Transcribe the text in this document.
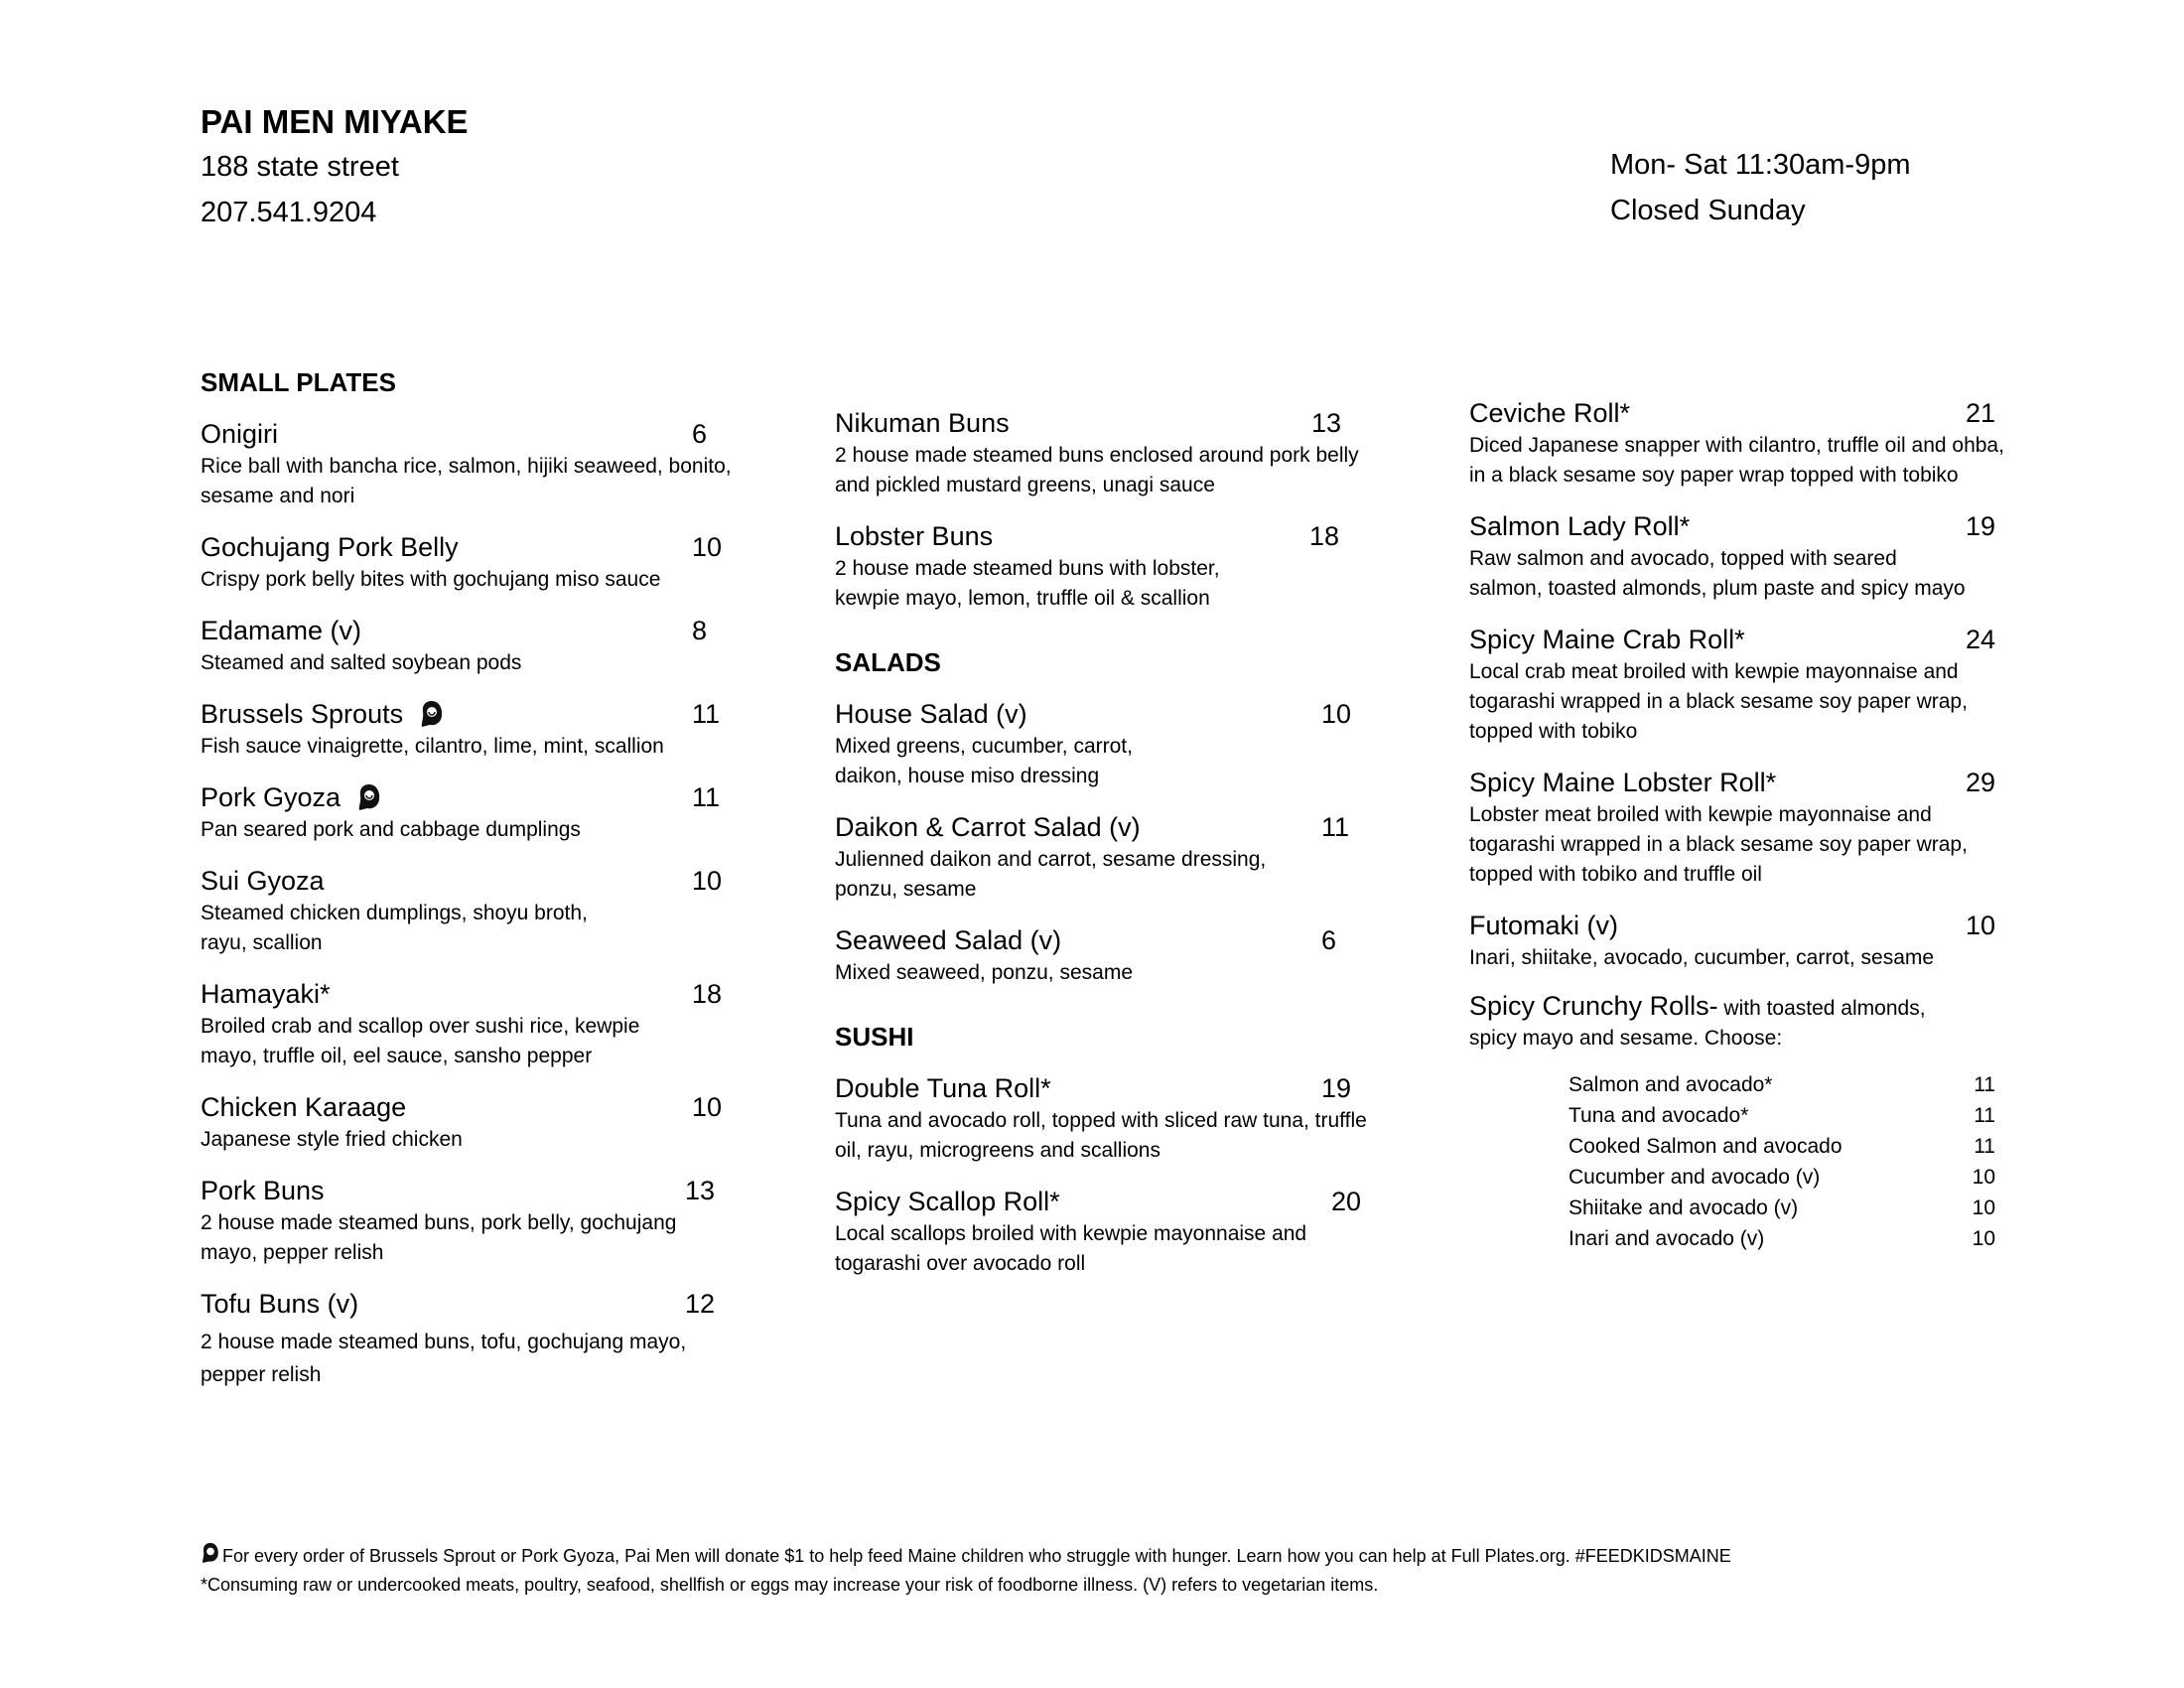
PAI MEN MIYAKE
188 state street
207.541.9204
Mon- Sat 11:30am-9pm
Closed Sunday
SMALL PLATES
Onigiri	6
Rice ball with bancha rice, salmon, hijiki seaweed, bonito, sesame and nori
Gochujang Pork Belly	10
Crispy pork belly bites with gochujang miso sauce
Edamame (v)	8
Steamed and salted soybean pods
Brussels Sprouts	11
Fish sauce vinaigrette, cilantro, lime, mint, scallion
Pork Gyoza	11
Pan seared pork and cabbage dumplings
Sui Gyoza	10
Steamed chicken dumplings, shoyu broth, rayu, scallion
Hamayaki*	18
Broiled crab and scallop over sushi rice, kewpie mayo, truffle oil, eel sauce, sansho pepper
Chicken Karaage	10
Japanese style fried chicken
Pork Buns	13
2 house made steamed buns, pork belly, gochujang mayo, pepper relish
Tofu Buns (v)	12
2 house made steamed buns, tofu, gochujang mayo, pepper relish
Nikuman Buns	13
2 house made steamed buns enclosed around pork belly and pickled mustard greens, unagi sauce
Lobster Buns	18
2 house made steamed buns with lobster, kewpie mayo, lemon, truffle oil & scallion
SALADS
House Salad (v)	10
Mixed greens, cucumber, carrot, daikon, house miso dressing
Daikon & Carrot Salad (v)	11
Julienned daikon and carrot, sesame dressing, ponzu, sesame
Seaweed Salad (v)	6
Mixed seaweed, ponzu, sesame
SUSHI
Double Tuna Roll*	19
Tuna and avocado roll, topped with sliced raw tuna, truffle oil, rayu, microgreens and scallions
Spicy Scallop Roll*	20
Local scallops broiled with kewpie mayonnaise and togarashi over avocado roll
Ceviche Roll*	21
Diced Japanese snapper with cilantro, truffle oil and ohba, in a black sesame soy paper wrap topped with tobiko
Salmon Lady Roll*	19
Raw salmon and avocado, topped with seared salmon, toasted almonds, plum paste and spicy mayo
Spicy Maine Crab Roll*	24
Local crab meat broiled with kewpie mayonnaise and togarashi wrapped in a black sesame soy paper wrap, topped with tobiko
Spicy Maine Lobster Roll*	29
Lobster meat broiled with kewpie mayonnaise and togarashi wrapped in a black sesame soy paper wrap, topped with tobiko and truffle oil
Futomaki (v)	10
Inari, shiitake, avocado, cucumber, carrot, sesame
Spicy Crunchy Rolls- with toasted almonds,
spicy mayo and sesame. Choose:
Salmon and avocado*	11
Tuna and avocado*	11
Cooked Salmon and avocado	11
Cucumber and avocado (v)	10
Shiitake and avocado (v)	10
Inari and avocado (v)	10
For every order of Brussels Sprout or Pork Gyoza, Pai Men will donate $1 to help feed Maine children who struggle with hunger. Learn how you can help at Full Plates.org. #FEEDKIDSMAINE
*Consuming raw or undercooked meats, poultry, seafood, shellfish or eggs may increase your risk of foodborne illness. (V) refers to vegetarian items.
